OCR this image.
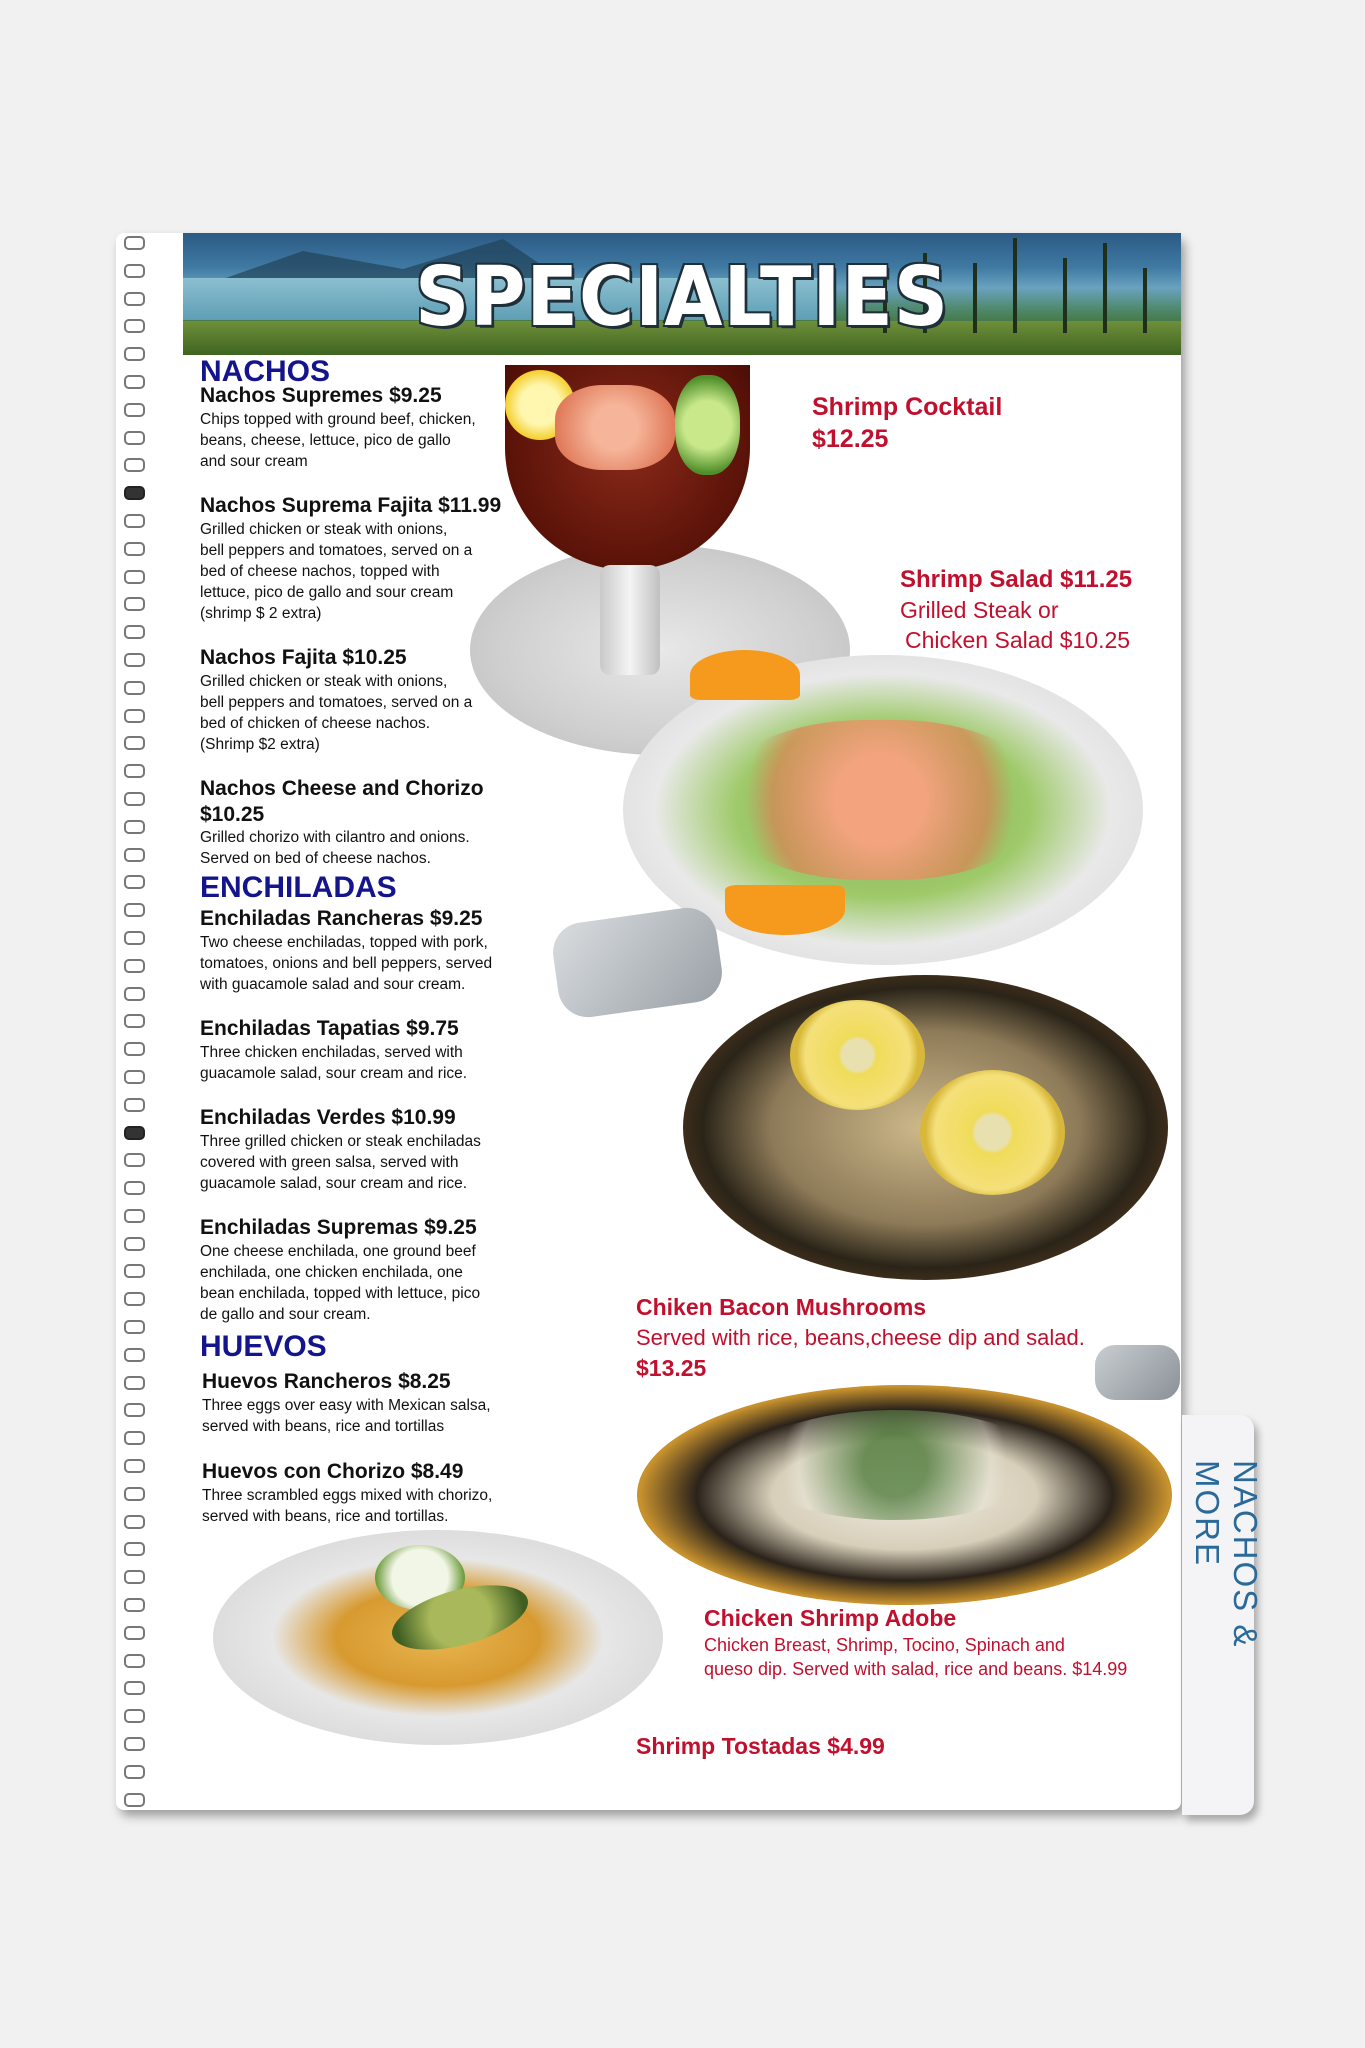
NACHOS & MORE
SPECIALTIES
NACHOS
Nachos Supremes $9.25
Chips topped with ground beef, chicken,
beans, cheese, lettuce, pico de gallo
and sour cream
Nachos Suprema Fajita $11.99
Grilled chicken or steak with onions,
bell peppers and tomatoes, served on a
bed of cheese nachos, topped with
lettuce, pico de gallo and sour cream
(shrimp $ 2 extra)
Nachos Fajita $10.25
Grilled chicken or steak with onions,
bell peppers and tomatoes, served on a
bed of chicken of cheese nachos.
(Shrimp $2 extra)
Nachos Cheese and Chorizo
$10.25
Grilled chorizo with cilantro and onions.
Served on bed of cheese nachos.
ENCHILADAS
Enchiladas Rancheras $9.25
Two cheese enchiladas, topped with pork,
tomatoes, onions and bell peppers, served
with guacamole salad and sour cream.
Enchiladas Tapatias $9.75
Three chicken enchiladas, served with
guacamole salad, sour cream and rice.
Enchiladas Verdes $10.99
Three grilled chicken or steak enchiladas
covered with green salsa, served with
guacamole salad, sour cream and rice.
Enchiladas Supremas $9.25
One cheese enchilada, one ground beef
enchilada, one chicken enchilada, one
bean enchilada, topped with lettuce, pico
de gallo and sour cream.
HUEVOS
Huevos Rancheros $8.25
Three eggs over easy with Mexican salsa,
served with beans, rice and tortillas
Huevos con Chorizo $8.49
Three scrambled eggs mixed with chorizo,
served with beans, rice and tortillas.
Shrimp Cocktail
$12.25
Shrimp Salad $11.25
Grilled Steak or
Chicken Salad $10.25
Chiken Bacon Mushrooms
Served with rice, beans,cheese dip and salad.
$13.25
Chicken Shrimp Adobe
Chicken Breast, Shrimp, Tocino, Spinach and
queso dip. Served with salad, rice and beans. $14.99
Shrimp Tostadas $4.99
